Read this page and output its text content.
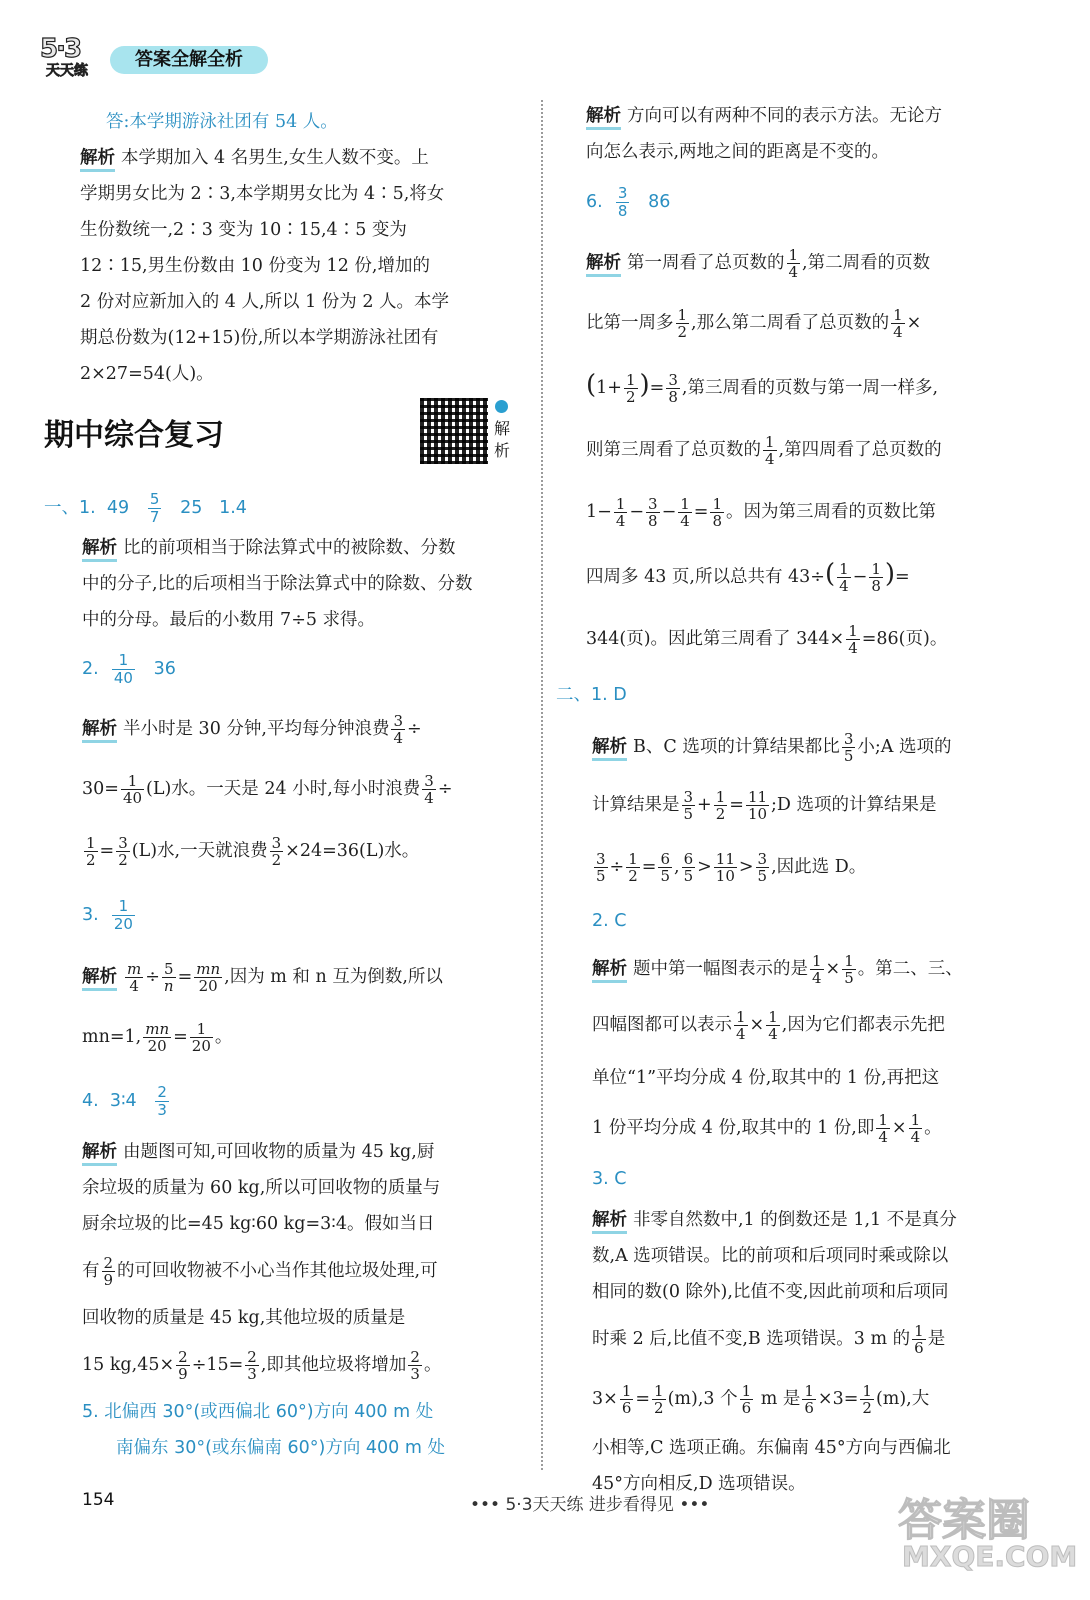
5·3
天天练
答案全解全析

答:本学期游泳社团有 54 人。

解析 本学期加入 4 名男生,女生人数不变。上

学期男女比为 2∶3,本学期男女比为 4∶5,将女

生份数统一,2∶3 变为 10∶15,4∶5 变为

12∶15,男生份数由 10 份变为 12 份,增加的

2 份对应新加入的 4 人,所以 1 份为 2 人。本学

期总份数为(12+15)份,所以本学期游泳社团有

2×27=54(人)。

期中综合复习	解析

一、1. $49 \frac{5}{7} 25$ 1.4

解析 比的前项相当于除法算式中的被除数、分数

中的分子,比的后项相当于除法算式中的除数、分数

中的分母。最后的小数用 7÷5 求得。

2. $\frac{1}{40} 36$

解析 半小时是 30 分钟,平均每分钟浪费 $\frac{3}{4}$ ÷

$30= \frac{1}{40} (L)$水。一天是 24 小时,每小时浪费 $\frac{3}{4}$ ÷

$\frac{1}{2} = \frac{3}{2} (L)$水,一天就浪费 $\frac{3}{2} \times 24=36(L)$水。

3. $\frac{1}{20}$

解析 $\frac{m}{4} \div \frac{5}{n} = \frac{mn}{20}$ ,因为 m 和 n 互为倒数,所以

mn=1, $\frac{mn}{20} = \frac{1}{20}$ 。

4. 3∶4 $\frac{2}{3}$

解析 由题图可知,可回收物的质量为 45 kg,厨

余垃圾的质量为 60 kg,所以可回收物的质量与

厨余垃圾的比=45 kg∶60 kg=3∶4。假如当日

有 $\frac{2}{9}$ 的可回收物被不小心当作其他垃圾处理,可

回收物的质量是 45 kg,其他垃圾的质量是

15 $kg,45\times \frac{2}{9} \div 15= \frac{2}{3}$ ,即其他垃圾将增加 $\frac{2}{3}$ 。

5. 北偏西 30°(或西偏北 60°)方向 400 m 处

南偏东 30°(或东偏南 60°)方向 400 m 处

解析 方向可以有两种不同的表示方法。无论方

向怎么表示,两地之间的距离是不变的。

6. $\frac{3}{8} 86$

解析 第一周看了总页数的 $\frac{1}{4}$ ,第二周看的页数

比第一周多 $\frac{1}{2}$ ,那么第二周看了总页数的 $\frac{1}{4}$ ×

($1+ \frac{1}{2}$ )= $\frac{3}{8}$ ,第三周看的页数与第一周一样多,

则第三周看了总页数的 $\frac{1}{4}$ ,第四周看了总页数的

$1- \frac{1}{4} - \frac{3}{8} - \frac{1}{4} = \frac{1}{8}$ 。因为第三周看的页数比第

四周多 43 页,所以总共有 $43\div( \frac{1}{4} - \frac{1}{8}$ )=

344(页)。因此第三周看了 $344\times \frac{1}{4} =86$(页)。

二、1. D

解析 B、C 选项的计算结果都比 $\frac{3}{5}$ 小;A 选项的

计算结果是 $\frac{3}{5} + \frac{1}{2} = \frac{11}{10}$ ;D 选项的计算结果是

$\frac{3}{5} \div \frac{1}{2} = \frac{6}{5}$ , $\frac{6}{5} > \frac{11}{10} > \frac{3}{5}$ ,因此选 D。

2. C

解析 题中第一幅图表示的是 $\frac{1}{4} \times \frac{1}{5}$ 。第二、三、

四幅图都可以表示 $\frac{1}{4} \times \frac{1}{4}$ ,因为它们都表示先把

单位“1”平均分成 4 份,取其中的 1 份,再把这

1 份平均分成 4 份,取其中的 1 份,即 $\frac{1}{4} \times \frac{1}{4}$ 。

3. C

解析 非零自然数中,1 的倒数还是 1,1 不是真分

数,A 选项错误。比的前项和后项同时乘或除以

相同的数(0 除外),比值不变,因此前项和后项同

时乘 2 后,比值不变,B 选项错误。3 m 的 $\frac{1}{6}$ 是

$3\times \frac{1}{6} = \frac{1}{2} (m),3$ 个 $\frac{1}{6}$ m 是 $\frac{1}{6} \times 3= \frac{1}{2} (m)$,大

小相等,C 选项正确。东偏南 45°方向与西偏北

45°方向相反,D 选项错误。

154	••• 5·3天天练 进步看得见 •••	答案圈
MXQE.COM
